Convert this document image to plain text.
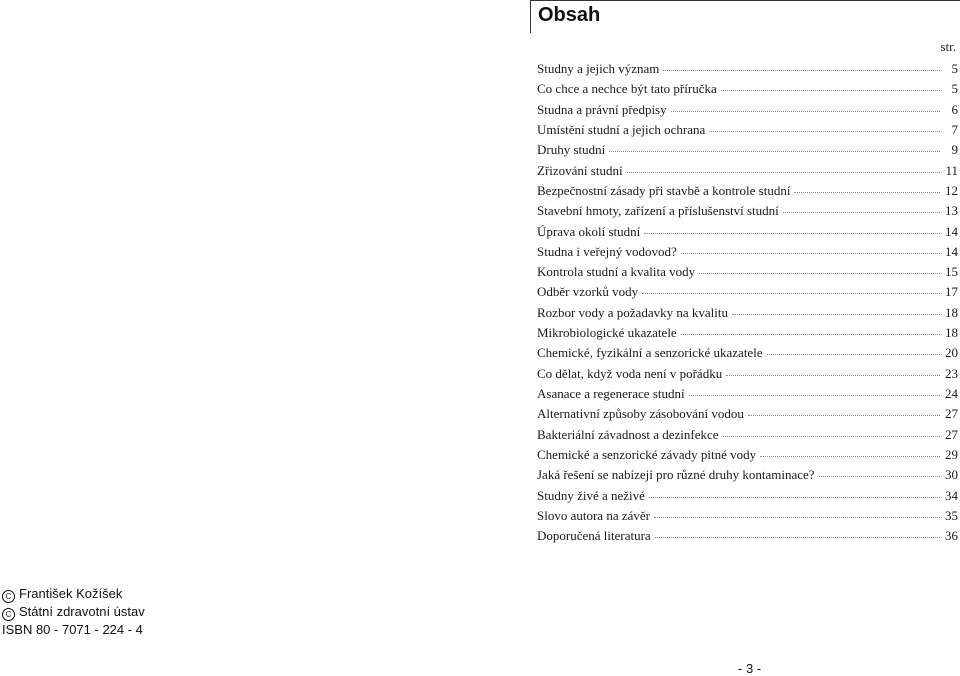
Obsah
str.
Studny a jejich význam	5
Co chce a nechce být tato příručka	5
Studna a právní předpisy	6
Umístění studní a jejich ochrana	7
Druhy studní	9
Zřizování studní	11
Bezpečnostní zásady při stavbě a kontrole studní	12
Stavební hmoty, zařízení a příslušenství studní	13
Úprava okolí studní	14
Studna i veřejný vodovod?	14
Kontrola studní a kvalita vody	15
Odběr vzorků vody	17
Rozbor vody a požadavky na kvalitu	18
Mikrobiologické ukazatele	18
Chemické, fyzikální a senzorické ukazatele	20
Co dělat, když voda není v pořádku	23
Asanace a regenerace studní	24
Alternativní způsoby zásobování vodou	27
Bakteriální závadnost a dezinfekce	27
Chemické a senzorické závady pitné vody	29
Jaká řešení se nabízejí pro různé druhy kontaminace?	30
Studny živé a neživé	34
Slovo autora na závěr	35
Doporučená literatura	36
C František Kožíšek
C Státní zdravotní ústav
ISBN 80 - 7071 - 224 - 4
- 3 -
